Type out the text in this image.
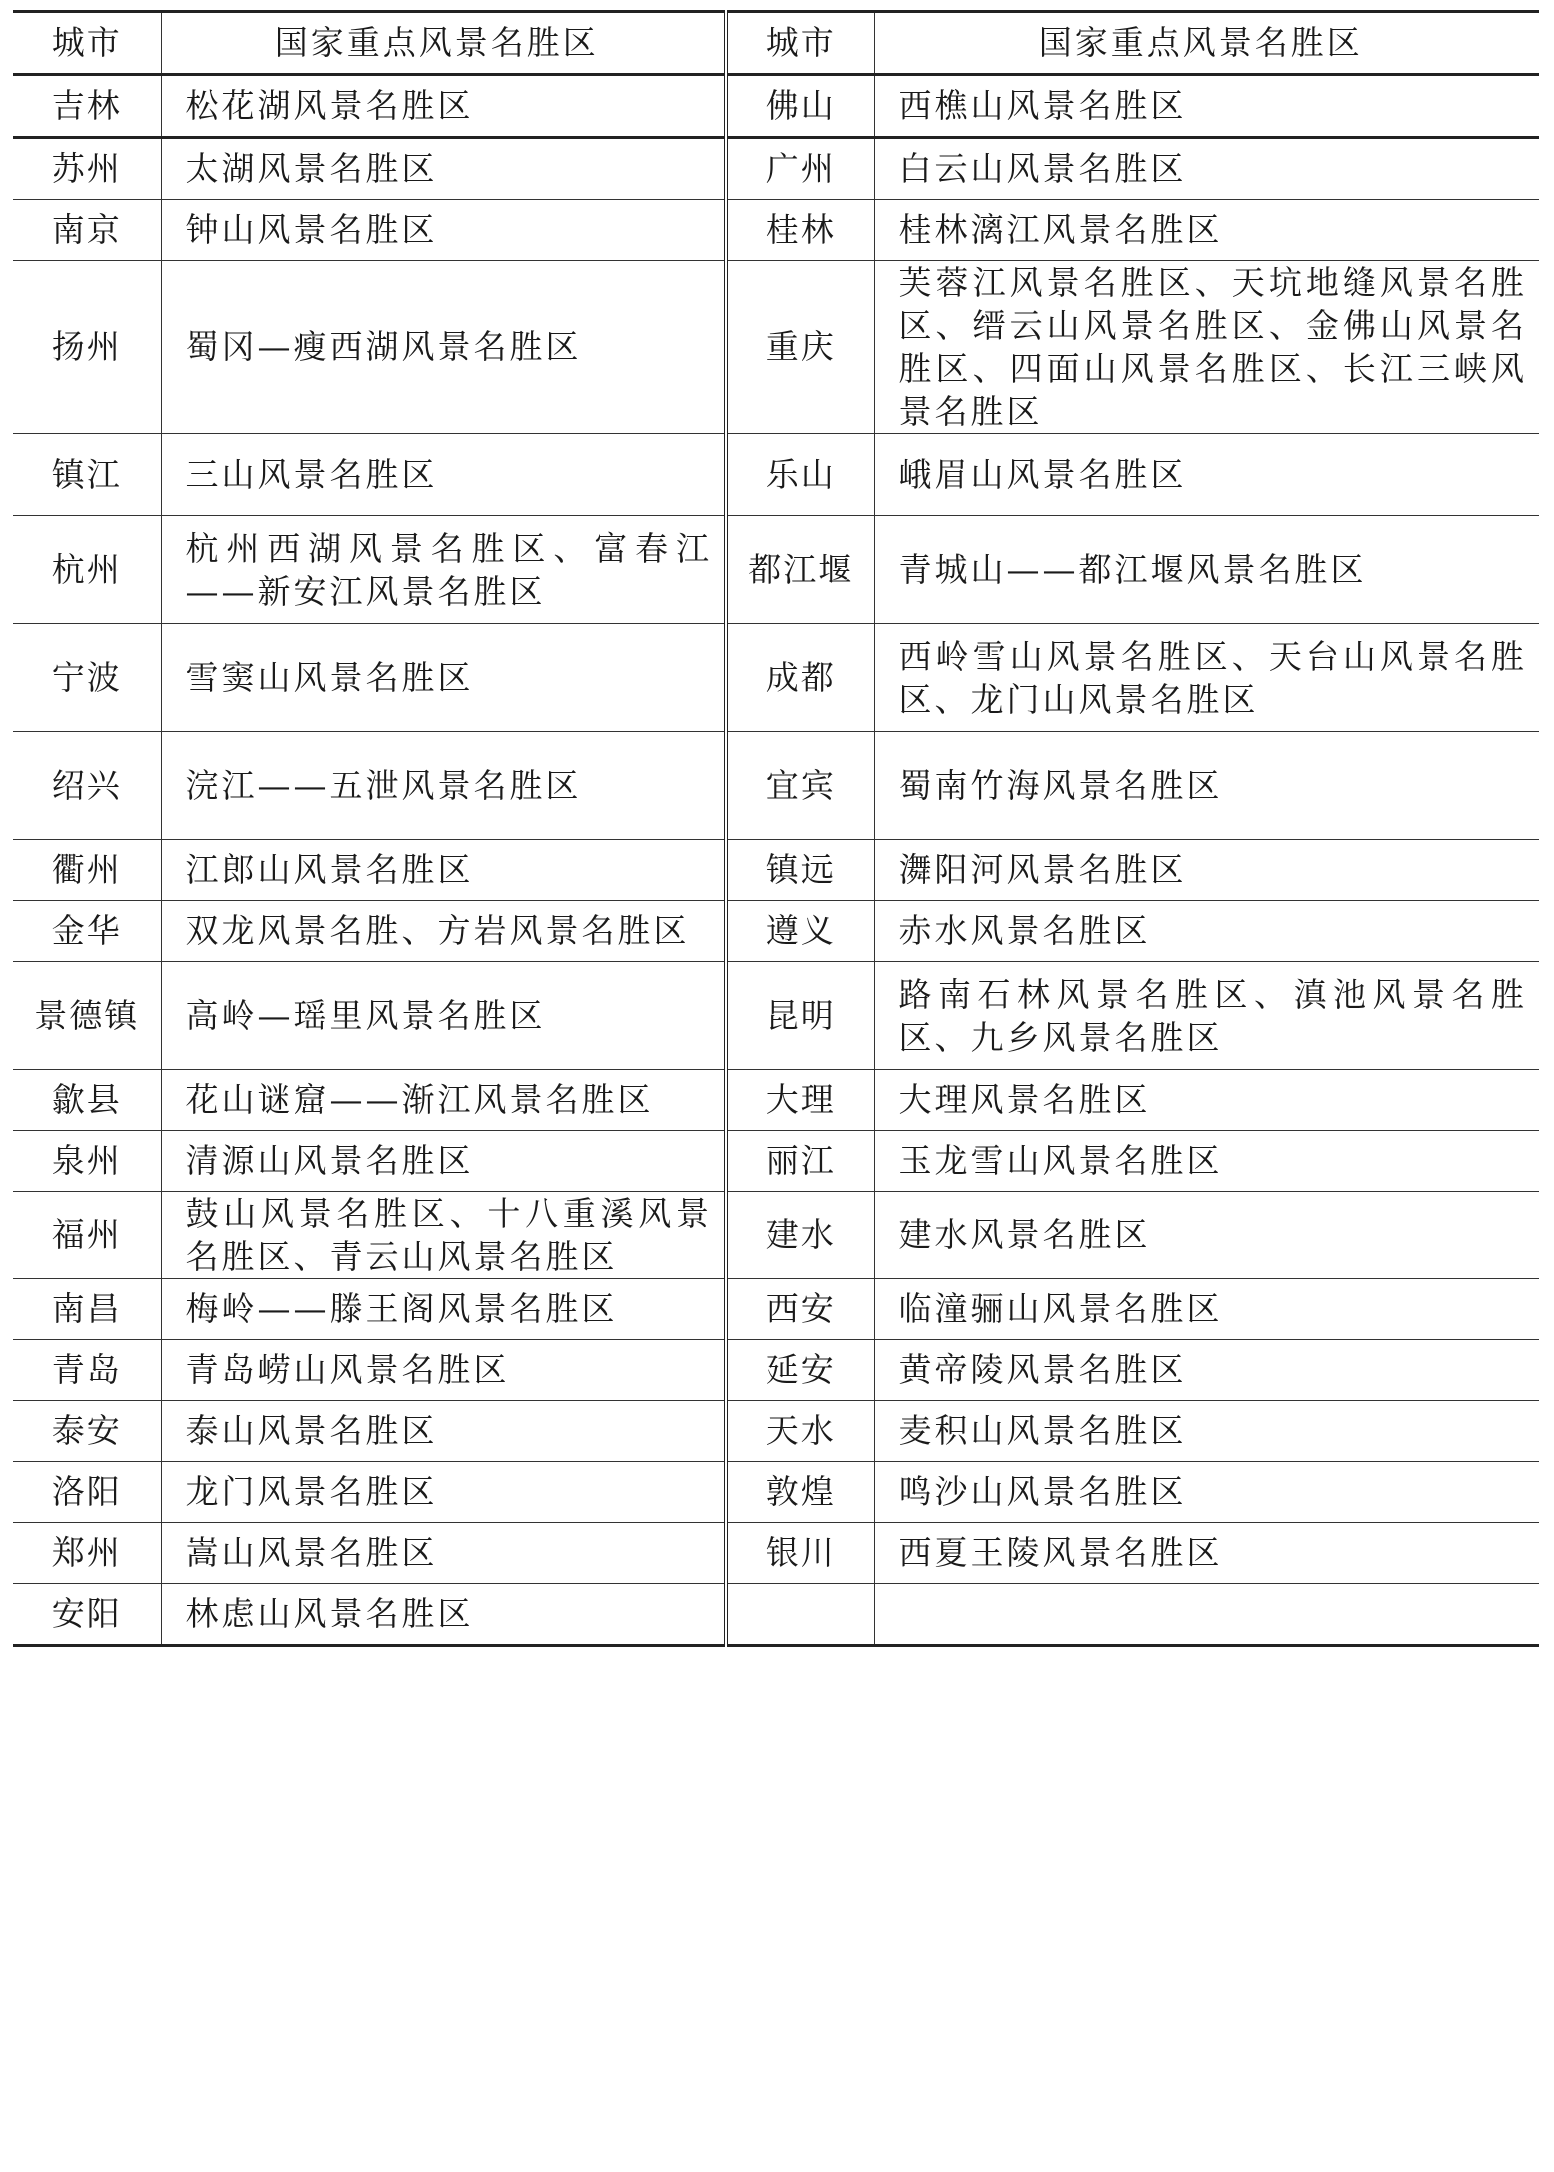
城市	国家重点风景名胜区	城市	国家重点风景名胜区
吉林	松花湖风景名胜区	佛山	西樵山风景名胜区
苏州	太湖风景名胜区	广州	白云山风景名胜区
南京	钟山风景名胜区	桂林	桂林漓江风景名胜区
扬州	蜀冈—瘦西湖风景名胜区	重庆	芙蓉江风景名胜区、天坑地缝风景名胜区、缙云山风景名胜区、金佛山风景名胜区、四面山风景名胜区、长江三峡风景名胜区
镇江	三山风景名胜区	乐山	峨眉山风景名胜区
杭州	杭州西湖风景名胜区、富春江——新安江风景名胜区	都江堰	青城山——都江堰风景名胜区
宁波	雪窦山风景名胜区	成都	西岭雪山风景名胜区、天台山风景名胜区、龙门山风景名胜区
绍兴	浣江——五泄风景名胜区	宜宾	蜀南竹海风景名胜区
衢州	江郎山风景名胜区	镇远	㵲阳河风景名胜区
金华	双龙风景名胜、方岩风景名胜区	遵义	赤水风景名胜区
景德镇	高岭—瑶里风景名胜区	昆明	路南石林风景名胜区、滇池风景名胜区、九乡风景名胜区
歙县	花山谜窟——渐江风景名胜区	大理	大理风景名胜区
泉州	清源山风景名胜区	丽江	玉龙雪山风景名胜区
福州	鼓山风景名胜区、十八重溪风景名胜区、青云山风景名胜区	建水	建水风景名胜区
南昌	梅岭——滕王阁风景名胜区	西安	临潼骊山风景名胜区
青岛	青岛崂山风景名胜区	延安	黄帝陵风景名胜区
泰安	泰山风景名胜区	天水	麦积山风景名胜区
洛阳	龙门风景名胜区	敦煌	鸣沙山风景名胜区
郑州	嵩山风景名胜区	银川	西夏王陵风景名胜区
安阳	林虑山风景名胜区		
